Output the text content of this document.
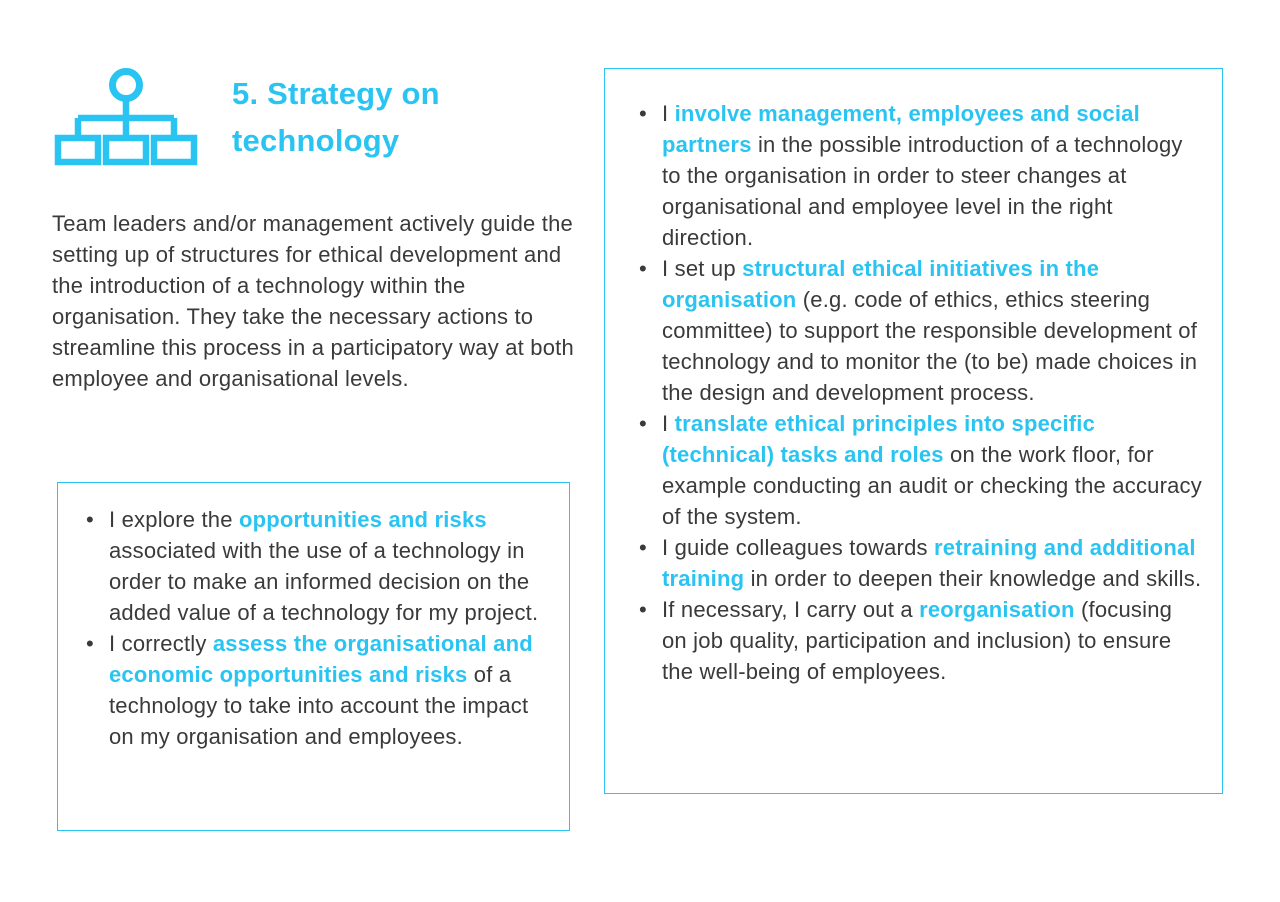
5. Strategy on
technology

Team leaders and/or management actively guide the setting up of structures for ethical development and the introduction of a technology within the organisation. They take the necessary actions to streamline this process in a participatory way at both employee and organisational levels.

• I explore the opportunities and risks associated with the use of a technology in order to make an informed decision on the added value of a technology for my project.
• I correctly assess the organisational and economic opportunities and risks of a technology to take into account the impact on my organisation and employees.
• I involve management, employees and social partners in the possible introduction of a technology to the organisation in order to steer changes at organisational and employee level in the right direction.
• I set up structural ethical initiatives in the organisation (e.g. code of ethics, ethics steering committee) to support the responsible development of technology and to monitor the (to be) made choices in the design and development process.
• I translate ethical principles into specific (technical) tasks and roles on the work floor, for example conducting an audit or checking the accuracy of the system.
• I guide colleagues towards retraining and additional training in order to deepen their knowledge and skills.
• If necessary, I carry out a reorganisation (focusing on job quality, participation and inclusion) to ensure the well-being of employees.
